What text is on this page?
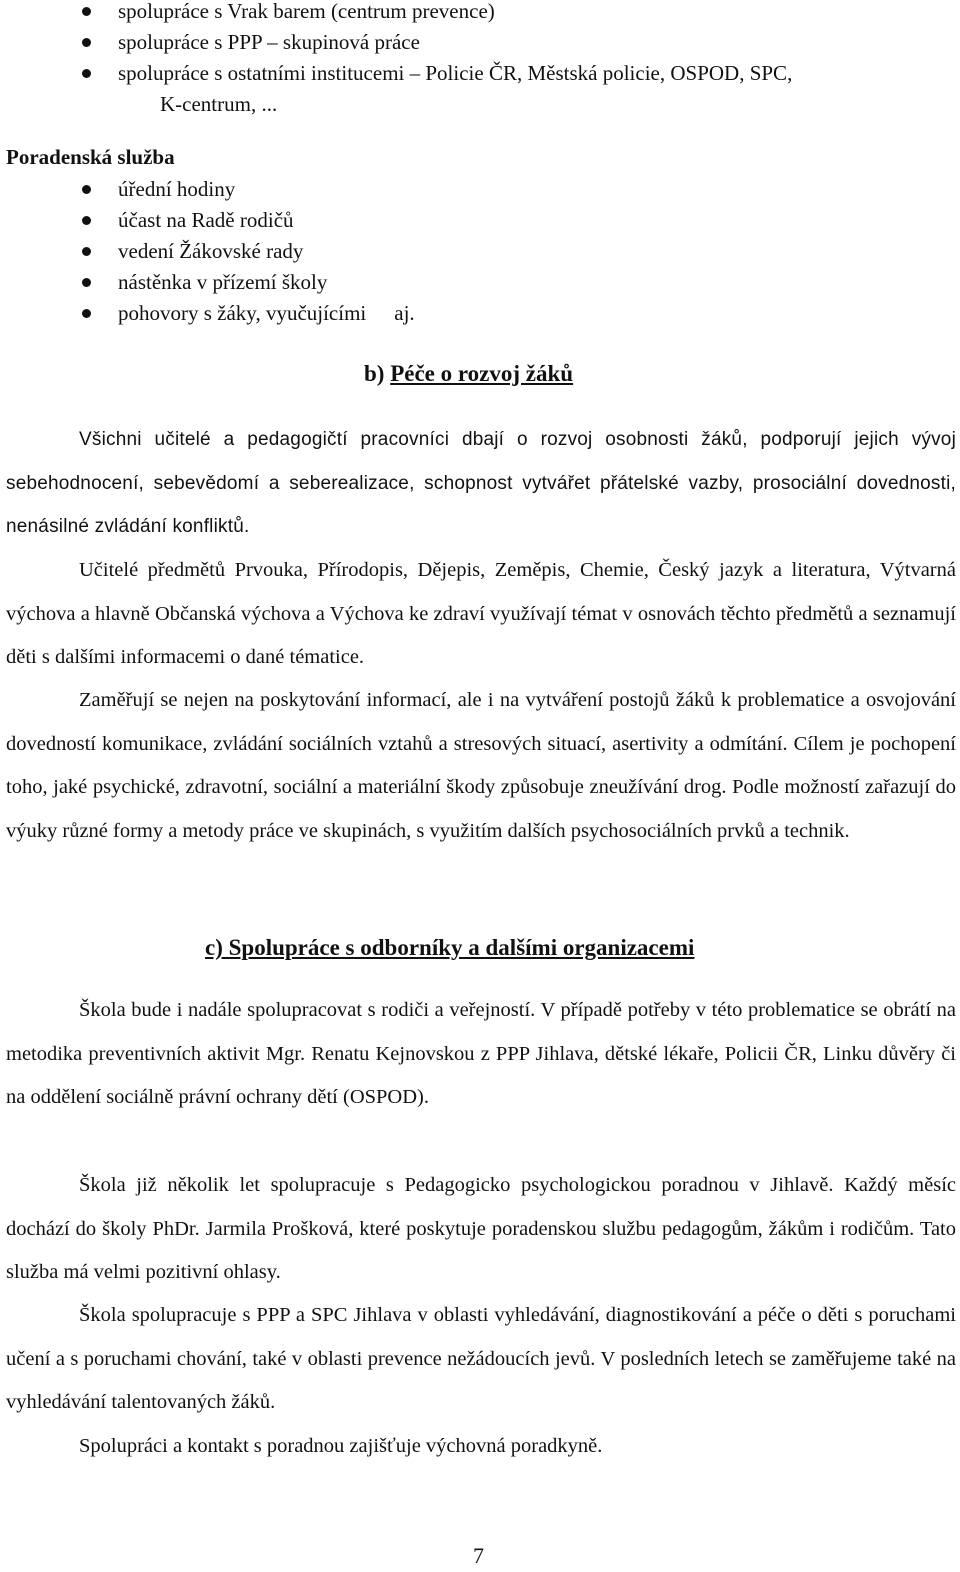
spolupráce s Vrak barem (centrum prevence)
spolupráce s PPP – skupinová práce
spolupráce s ostatními institucemi – Policie ČR, Městská policie, OSPOD, SPC,
K-centrum, ...
Poradenská služba
úřední hodiny
účast na Radě rodičů
vedení Žákovské rady
nástěnka v přízemí školy
pohovory s žáky, vyučujícími aj.
b) Péče o rozvoj žáků

Všichni učitelé a pedagogičtí pracovníci dbají o rozvoj osobnosti žáků, podporují jejich vývoj sebehodnocení, sebevědomí a seberealizace, schopnost vytvářet přátelské vazby, prosociální dovednosti, nenásilné zvládání konfliktů.

Učitelé předmětů Prvouka, Přírodopis, Dějepis, Zeměpis, Chemie, Český jazyk a literatura, Výtvarná výchova a hlavně Občanská výchova a Výchova ke zdraví využívají témat v osnovách těchto předmětů a seznamují děti s dalšími informacemi o dané tématice.

Zaměřují se nejen na poskytování informací, ale i na vytváření postojů žáků k problematice a osvojování dovedností komunikace, zvládání sociálních vztahů a stresových situací, asertivity a odmítání. Cílem je pochopení toho, jaké psychické, zdravotní, sociální a materiální škody způsobuje zneužívání drog. Podle možností zařazují do výuky různé formy a metody práce ve skupinách, s využitím dalších psychosociálních prvků a technik.

c) Spolupráce s odborníky a dalšími organizacemi

Škola bude i nadále spolupracovat s rodiči a veřejností. V případě potřeby v této problematice se obrátí na metodika preventivních aktivit Mgr. Renatu Kejnovskou z PPP Jihlava, dětské lékaře, Policii ČR, Linku důvěry či na oddělení sociálně právní ochrany dětí (OSPOD).

Škola již několik let spolupracuje s Pedagogicko psychologickou poradnou v Jihlavě. Každý měsíc dochází do školy PhDr. Jarmila Prošková, které poskytuje poradenskou službu pedagogům, žákům i rodičům. Tato služba má velmi pozitivní ohlasy.

Škola spolupracuje s PPP a SPC Jihlava v oblasti vyhledávání, diagnostikování a péče o děti s poruchami učení a s poruchami chování, také v oblasti prevence nežádoucích jevů. V posledních letech se zaměřujeme také na vyhledávání talentovaných žáků.

Spolupráci a kontakt s poradnou zajišťuje výchovná poradkyně.

7
